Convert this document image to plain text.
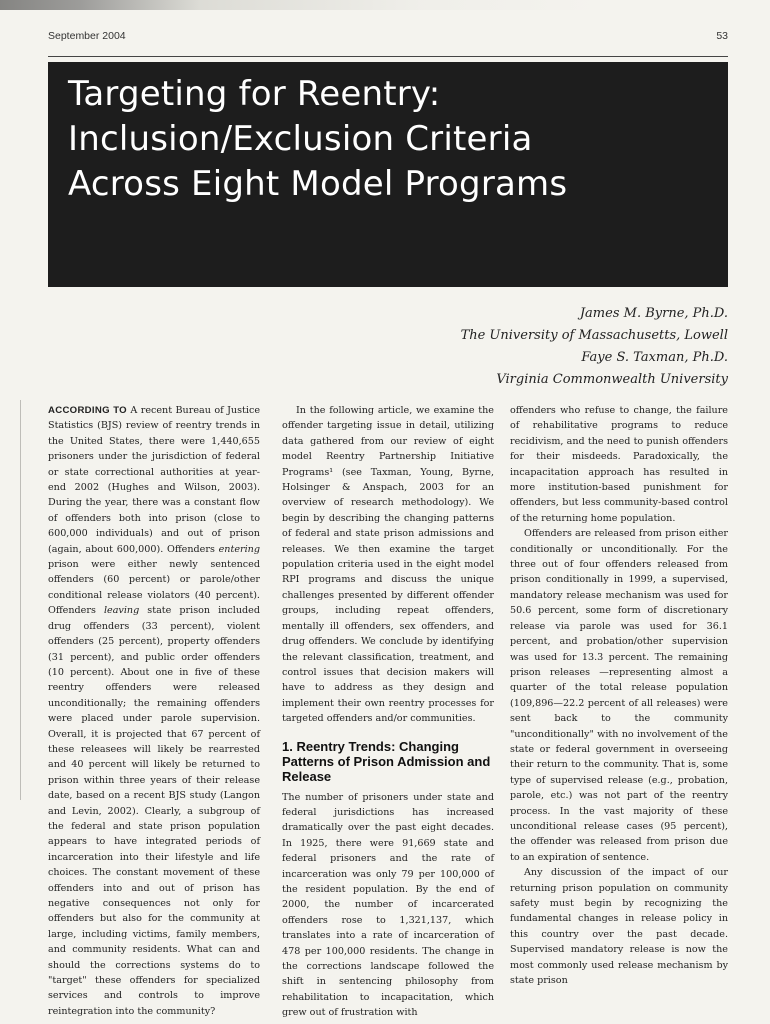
September 2004	53
Targeting for Reentry:
Inclusion/Exclusion Criteria
Across Eight Model Programs
James M. Byrne, Ph.D.
The University of Massachusetts, Lowell
Faye S. Taxman, Ph.D.
Virginia Commonwealth University

ACCORDING TO A recent Bureau of Justice Statistics (BJS) review of reentry trends in the United States, there were 1,440,655 prisoners under the jurisdiction of federal or state correctional authorities at year-end 2002 (Hughes and Wilson, 2003). During the year, there was a constant flow of offenders both into prison (close to 600,000 individuals) and out of prison (again, about 600,000). Offenders entering prison were either newly sentenced offenders (60 percent) or parole/other conditional release violators (40 percent). Offenders leaving state prison included drug offenders (33 percent), violent offenders (25 percent), property offenders (31 percent), and public order offenders (10 percent). About one in five of these reentry offenders were released unconditionally; the remaining offenders were placed under parole supervision. Overall, it is projected that 67 percent of these releasees will likely be rearrested and 40 percent will likely be returned to prison within three years of their release date, based on a recent BJS study (Langon and Levin, 2002). Clearly, a subgroup of the federal and state prison population appears to have integrated periods of incarceration into their lifestyle and life choices. The constant movement of these offenders into and out of prison has negative consequences not only for offenders but also for the community at large, including victims, family members, and community residents. What can and should the corrections systems do to "target" these offenders for specialized services and controls to improve reintegration into the community?

In the following article, we examine the offender targeting issue in detail, utilizing data gathered from our review of eight model Reentry Partnership Initiative Programs¹ (see Taxman, Young, Byrne, Holsinger & Anspach, 2003 for an overview of research methodology). We begin by describing the changing patterns of federal and state prison admissions and releases. We then examine the target population criteria used in the eight model RPI programs and discuss the unique challenges presented by different offender groups, including repeat offenders, mentally ill offenders, sex offenders, and drug offenders. We conclude by identifying the relevant classification, treatment, and control issues that decision makers will have to address as they design and implement their own reentry processes for targeted offenders and/or communities.

1. Reentry Trends: Changing Patterns of Prison Admission and Release

The number of prisoners under state and federal jurisdictions has increased dramatically over the past eight decades. In 1925, there were 91,669 state and federal prisoners and the rate of incarceration was only 79 per 100,000 of the resident population. By the end of 2000, the number of incarcerated offenders rose to 1,321,137, which translates into a rate of incarceration of 478 per 100,000 residents. The change in the corrections landscape followed the shift in sentencing philosophy from rehabilitation to incapacitation, which grew out of frustration with

offenders who refuse to change, the failure of rehabilitative programs to reduce recidivism, and the need to punish offenders for their misdeeds. Paradoxically, the incapacitation approach has resulted in more institution-based punishment for offenders, but less community-based control of the returning home population.

Offenders are released from prison either conditionally or unconditionally. For the three out of four offenders released from prison conditionally in 1999, a supervised, mandatory release mechanism was used for 50.6 percent, some form of discretionary release via parole was used for 36.1 percent, and probation/other supervision was used for 13.3 percent. The remaining prison releases —representing almost a quarter of the total release population (109,896—22.2 percent of all releases) were sent back to the community "unconditionally" with no involvement of the state or federal government in overseeing their return to the community. That is, some type of supervised release (e.g., probation, parole, etc.) was not part of the reentry process. In the vast majority of these unconditional release cases (95 percent), the offender was released from prison due to an expiration of sentence.

Any discussion of the impact of our returning prison population on community safety must begin by recognizing the fundamental changes in release policy in this country over the past decade. Supervised mandatory release is now the most commonly used release mechanism by state prison
